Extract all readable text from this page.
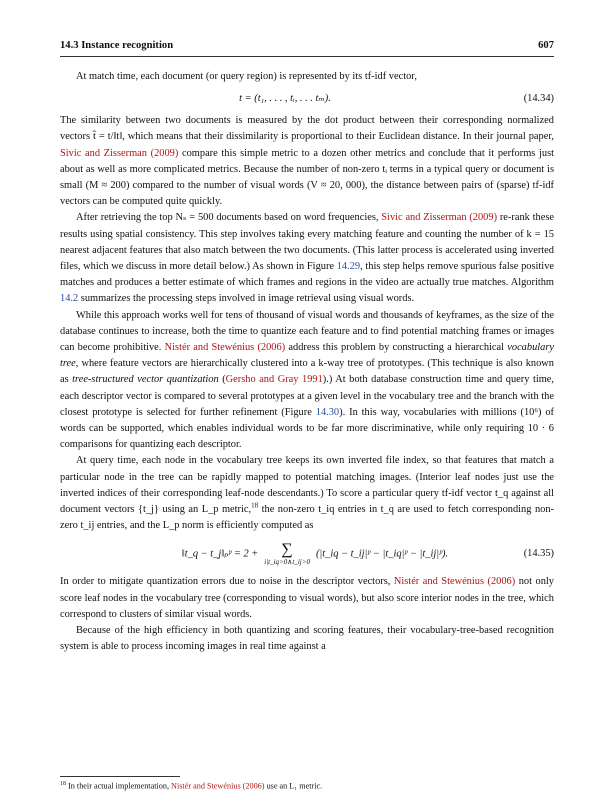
14.3 Instance recognition	607

At match time, each document (or query region) is represented by its tf-idf vector,

t = (t₁, . . . , tᵢ, . . . tₘ).	(14.34)

The similarity between two documents is measured by the dot product between their corresponding normalized vectors t̂ = t/‖t‖, which means that their dissimilarity is proportional to their Euclidean distance. In their journal paper, Sivic and Zisserman (2009) compare this simple metric to a dozen other metrics and conclude that it performs just about as well as more complicated metrics. Because the number of non-zero tᵢ terms in a typical query or document is small (M ≈ 200) compared to the number of visual words (V ≈ 20, 000), the distance between pairs of (sparse) tf-idf vectors can be computed quite quickly.

After retrieving the top Nₛ = 500 documents based on word frequencies, Sivic and Zisserman (2009) re-rank these results using spatial consistency. This step involves taking every matching feature and counting the number of k = 15 nearest adjacent features that also match between the two documents. (This latter process is accelerated using inverted files, which we discuss in more detail below.) As shown in Figure 14.29, this step helps remove spurious false positive matches and produces a better estimate of which frames and regions in the video are actually true matches. Algorithm 14.2 summarizes the processing steps involved in image retrieval using visual words.

While this approach works well for tens of thousand of visual words and thousands of keyframes, as the size of the database continues to increase, both the time to quantize each feature and to find potential matching frames or images can become prohibitive. Nistér and Stewénius (2006) address this problem by constructing a hierarchical vocabulary tree, where feature vectors are hierarchically clustered into a k-way tree of prototypes. (This technique is also known as tree-structured vector quantization (Gersho and Gray 1991).) At both database construction time and query time, each descriptor vector is compared to several prototypes at a given level in the vocabulary tree and the branch with the closest prototype is selected for further refinement (Figure 14.30). In this way, vocabularies with millions (10⁶) of words can be supported, which enables individual words to be far more discriminative, while only requiring 10 · 6 comparisons for quantizing each descriptor.

At query time, each node in the vocabulary tree keeps its own inverted file index, so that features that match a particular node in the tree can be rapidly mapped to potential matching images. (Interior leaf nodes just use the inverted indices of their corresponding leaf-node descendants.) To score a particular query tf-idf vector t_q against all document vectors {t_j} using an L_p metric,$^{18}$ the non-zero t_iq entries in t_q are used to fetch corresponding non-zero t_ij entries, and the L_p norm is efficiently computed as

‖t_q − t_j‖ₚᵖ = 2 + ∑
i|t_iq>0∧t_ij>0
(|t_iq − t_ij|ᵖ − |t_iq|ᵖ − |t_ij|ᵖ).	(14.35)

In order to mitigate quantization errors due to noise in the descriptor vectors, Nistér and Stewénius (2006) not only score leaf nodes in the vocabulary tree (corresponding to visual words), but also score interior nodes in the tree, which correspond to clusters of similar visual words.

Because of the high efficiency in both quantizing and scoring features, their vocabulary-tree-based recognition system is able to process incoming images in real time against a

$^{18}$ In their actual implementation, Nistér and Stewénius (2006) use an L₁ metric.
